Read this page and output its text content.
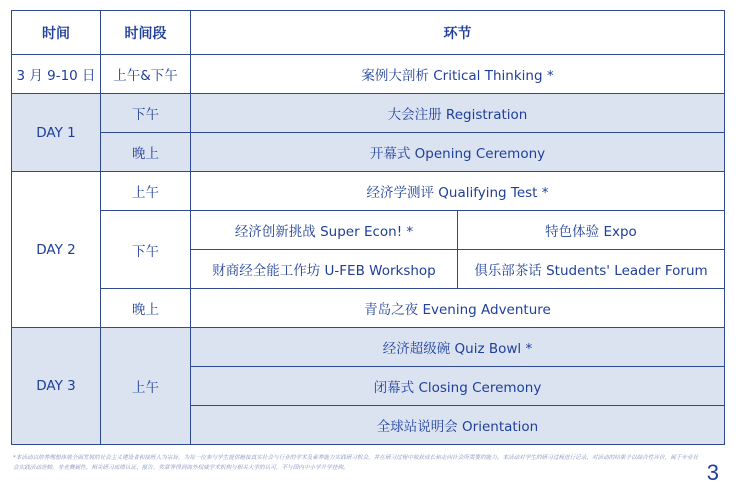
时间	时间段	环节	
3 月 9-10 日	上午&下午	案例大剖析 Critical Thinking *	
DAY 1	下午	大会注册 Registration	
	晚上	开幕式 Opening Ceremony	
DAY 2	上午	经济学测评 Qualifying Test *	
	下午	经济创新挑战 Super Econ! *	特色体验 Expo
		财商经全能工作坊 U-FEB Workshop	俱乐部茶话 Students' Leader Forum
	晚上	青岛之夜 Evening Adventure	
DAY 3	上午	经济超级碗 Quiz Bowl *	
		闭幕式 Closing Ceremony	
		全球站说明会 Orientation	
*本活动以培养理想体展全面发展的社会主义建设者和接班人为宗旨，为每一位参与学生提供链接真实社会与行业的学术及素养能力实践研习机会，并在研习过程中收获成长和走向社会所需要的能力。本活动对学生的研习过程进行记录，对活动的结果予以综合性评价，属于专业社会实践活动范畴，非竞赛属性。相关研习成绩认证、报告、奖章等得到海外权威学术机构与相关大学的认可，不与国内中小学升学挂钩。	3
